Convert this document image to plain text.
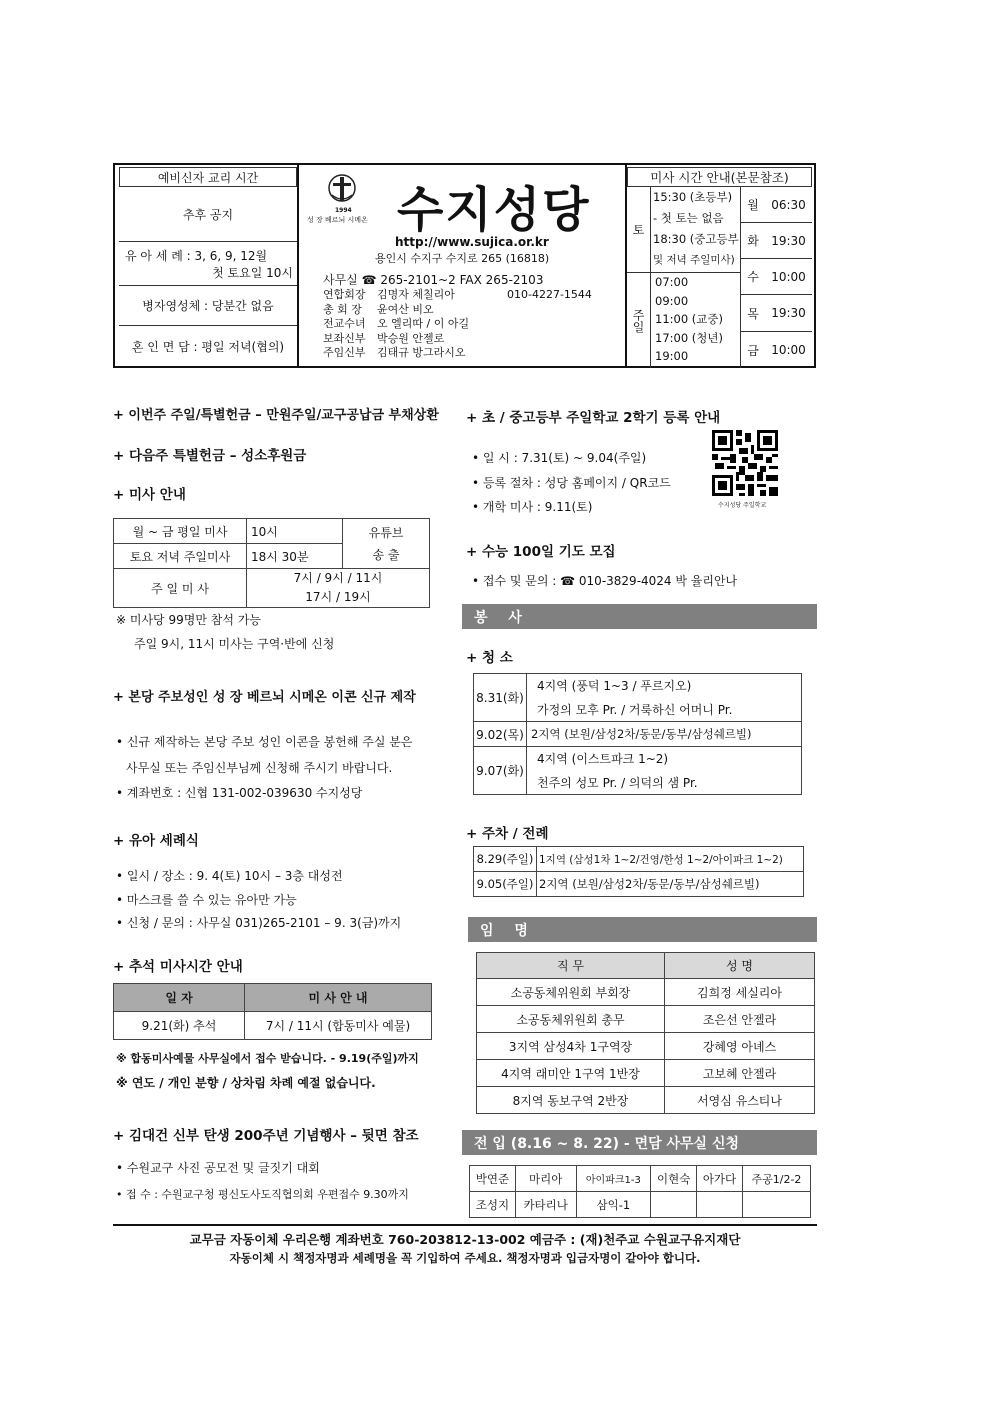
예비신자 교리 시간
추후 공지
유 아 세 례 : 3, 6, 9, 12월
첫 토요일 10시
병자영성체 : 당분간 없음
혼 인 면 담 : 평일 저녁(협의)
1994
성 장 베르뇌 시메온 수지성당
http://www.sujica.or.kr
용인시 수지구 수지로 265 (16818)
사무실 ☎ 265-2101~2 FAX 265-2103
연합회장 김명자 체칠리아	010-4227-1544
총 회 장 윤여산 비오
전교수녀 오 엘리따 / 이 아길
보좌신부 박승원 안젤로
주임신부 김태규 방그라시오
미사 시간 안내(본문참조)
토
15:30 (초등부)
- 첫 토는 없음
18:30 (중고등부
및 저녁 주일미사)
주일
07:00
09:00
11:00 (교중)
17:00 (청년)
19:00
월 06:30
화 19:30
수 10:00
목 19:30
금 10:00
+ 이번주 주일/특별헌금 – 만원주일/교구공납금 부채상환
+ 다음주 특별헌금 – 성소후원금
+ 미사 안내
월 ~ 금 평일 미사	10시	유튜브
송 출

토요 저녁 주일미사	18시 30분	
주 일 미 사	7시 / 9시 / 11시
17시 / 19시	
※ 미사당 99명만 참석 가능
주일 9시, 11시 미사는 구역·반에 신청
+ 본당 주보성인 성 장 베르뇌 시메온 이콘 신규 제작
• 신규 제작하는 본당 주보 성인 이콘을 봉헌해 주실 분은
사무실 또는 주임신부님께 신청해 주시기 바랍니다.
• 계좌번호 : 신협 131-002-039630 수지성당
+ 유아 세례식
• 일시 / 장소 : 9. 4(토) 10시 – 3층 대성전
• 마스크를 쓸 수 있는 유아만 가능
• 신청 / 문의 : 사무실 031)265-2101 – 9. 3(금)까지
+ 추석 미사시간 안내
일 자	미 사 안 내
9.21(화) 추석	7시 / 11시 (합동미사 예물)
※ 합동미사예물 사무실에서 접수 받습니다. - 9.19(주일)까지
※ 연도 / 개인 분향 / 상차림 차례 예절 없습니다.
+ 김대건 신부 탄생 200주년 기념행사 – 뒷면 참조
• 수원교구 사진 공모전 및 글짓기 대회
• 접 수 : 수원교구청 평신도사도직협의회 우편접수 9.30까지
+ 초 / 중고등부 주일학교 2학기 등록 안내
• 일 시 : 7.31(토) ~ 9.04(주일)
• 등록 절차 : 성당 홈페이지 / QR코드
• 개학 미사 : 9.11(토)	수지성당 주일학교
+ 수능 100일 기도 모집
• 접수 및 문의 : ☎ 010-3829-4024 박 율리안나
봉 사
+ 청 소
8.31(화)	4지역 (풍덕 1~3 / 푸르지오)
	가정의 모후 Pr. / 거룩하신 어머니 Pr.
9.02(목)	2지역 (보원/삼성2차/동문/동부/삼성쉐르빌)
9.07(화)	4지역 (이스트파크 1~2)
	천주의 성모 Pr. / 의덕의 샘 Pr.
+ 주차 / 전례
8.29(주일)	1지역 (삼성1차 1~2/건영/한성 1~2/아이파크 1~2)
9.05(주일)	2지역 (보원/삼성2차/동문/동부/삼성쉐르빌)
임 명
직 무	성 명
소공동체위원회 부회장	김희정 세실리아
소공동체위원회 총무	조은선 안젤라
3지역 삼성4차 1구역장	강혜영 아녜스
4지역 래미안 1구역 1반장	고보혜 안젤라
8지역 동보구역 2반장	서영심 유스티나
전 입 (8.16 ~ 8. 22) - 면담 사무실 신청
박연준	마리아	아이파크1-3	이현숙	아가다	주공1/2-2
조성지	카타리나	삼익-1			
교무금 자동이체 우리은행 계좌번호 760-203812-13-002 예금주 : (재)천주교 수원교구유지재단
자동이체 시 책정자명과 세례명을 꼭 기입하여 주세요. 책정자명과 입금자명이 같아야 합니다.
